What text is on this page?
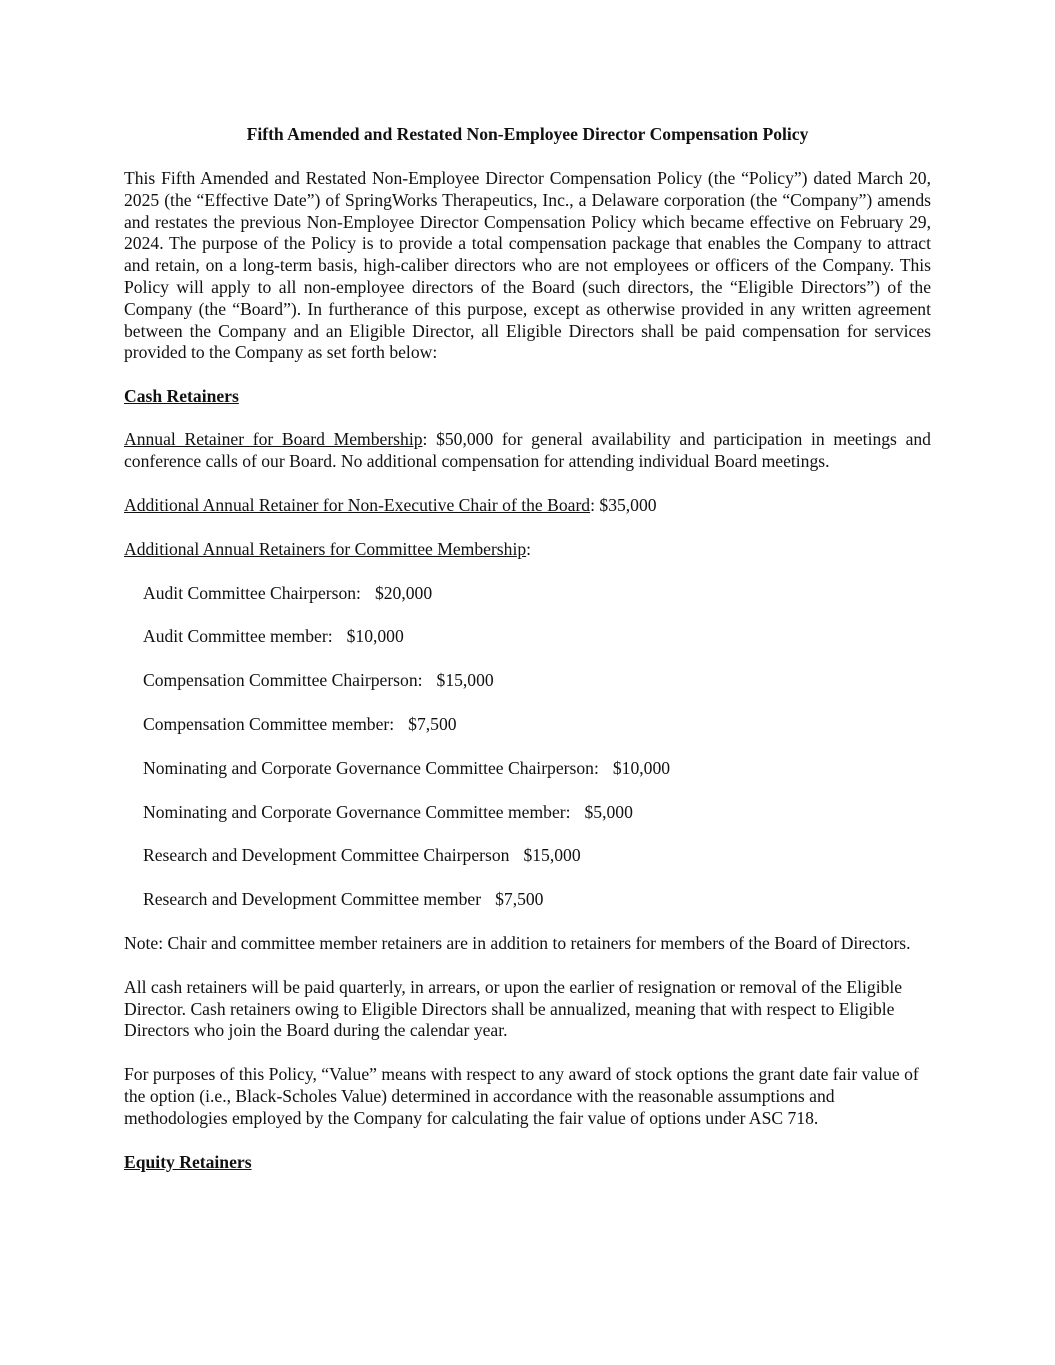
Fifth Amended and Restated Non-Employee Director Compensation Policy

This Fifth Amended and Restated Non-Employee Director Compensation Policy (the “Policy”) dated March 20, 2025 (the “Effective Date”) of SpringWorks Therapeutics, Inc., a Delaware corporation (the “Company”) amends and restates the previous Non-Employee Director Compensation Policy which became effective on February 29, 2024. The purpose of the Policy is to provide a total compensation package that enables the Company to attract and retain, on a long-term basis, high-caliber directors who are not employees or officers of the Company. This Policy will apply to all non-employee directors of the Board (such directors, the “Eligible Directors”) of the Company (the “Board”). In furtherance of this purpose, except as otherwise provided in any written agreement between the Company and an Eligible Director, all Eligible Directors shall be paid compensation for services provided to the Company as set forth below:

Cash Retainers

Annual Retainer for Board Membership: $50,000 for general availability and participation in meetings and conference calls of our Board. No additional compensation for attending individual Board meetings.

Additional Annual Retainer for Non-Executive Chair of the Board: $35,000

Additional Annual Retainers for Committee Membership:

Audit Committee Chairperson: $20,000

Audit Committee member: $10,000

Compensation Committee Chairperson: $15,000

Compensation Committee member: $7,500

Nominating and Corporate Governance Committee Chairperson: $10,000

Nominating and Corporate Governance Committee member: $5,000

Research and Development Committee Chairperson $15,000

Research and Development Committee member $7,500

Note: Chair and committee member retainers are in addition to retainers for members of the Board of Directors.

All cash retainers will be paid quarterly, in arrears, or upon the earlier of resignation or removal of the Eligible Director. Cash retainers owing to Eligible Directors shall be annualized, meaning that with respect to Eligible Directors who join the Board during the calendar year.

For purposes of this Policy, “Value” means with respect to any award of stock options the grant date fair value of the option (i.e., Black-Scholes Value) determined in accordance with the reasonable assumptions and methodologies employed by the Company for calculating the fair value of options under ASC 718.

Equity Retainers
